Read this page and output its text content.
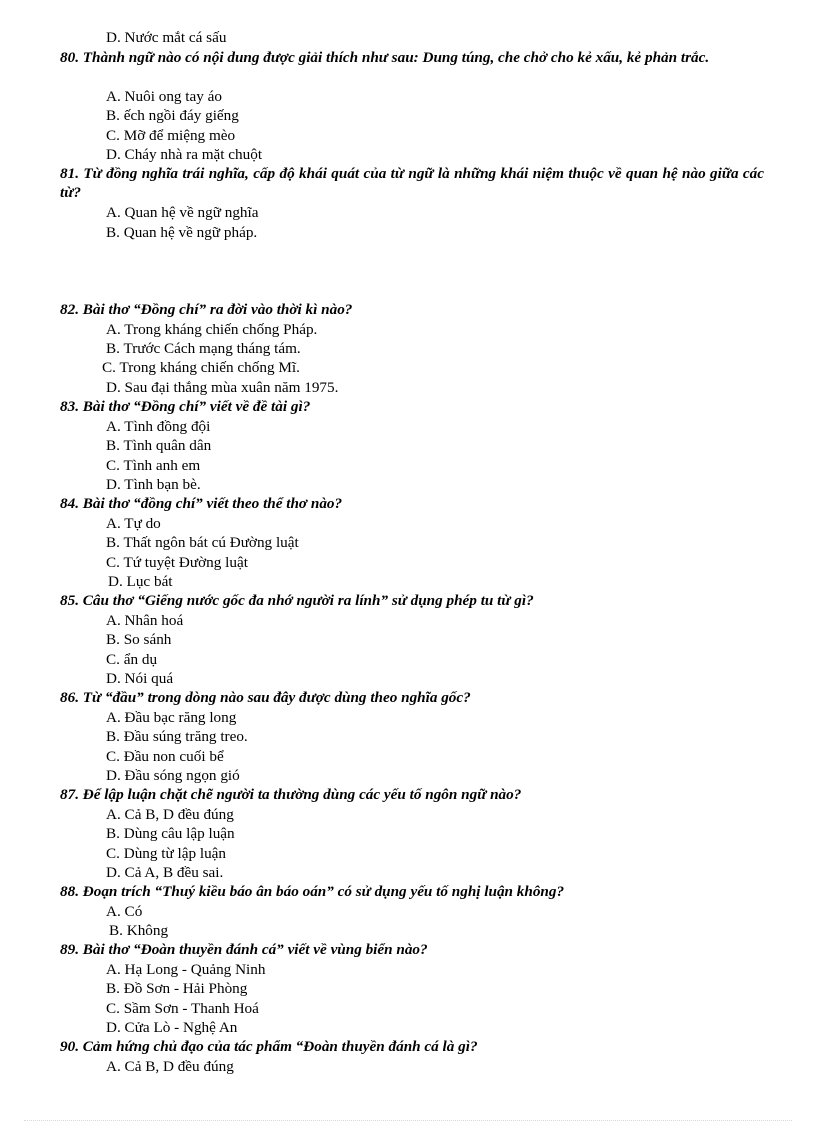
D. Nước mắt cá sấu
80. Thành ngữ nào có nội dung được giải thích như sau: Dung túng, che chở cho kẻ xấu, kẻ phản trắc.
A. Nuôi ong tay áo
B. ếch ngồi đáy giếng
C. Mỡ để miệng mèo
D. Cháy nhà ra mặt chuột
81. Từ đồng nghĩa trái nghĩa, cấp độ khái quát của từ ngữ là những khái niệm thuộc về quan hệ nào giữa các từ?
A. Quan hệ về ngữ nghĩa
B. Quan hệ về ngữ pháp.
82. Bài thơ “Đồng chí” ra đời vào thời kì nào?
A. Trong kháng chiến chống Pháp.
B. Trước Cách mạng tháng tám.
C. Trong kháng chiến chống Mĩ.
D. Sau đại thắng mùa xuân năm 1975.
83. Bài thơ “Đồng chí” viết về đề tài gì?
A. Tình đồng đội
B. Tình quân dân
C. Tình anh em
D. Tình bạn bè.
84. Bài thơ “đồng chí” viết theo thể thơ nào?
A. Tự do
B. Thất ngôn bát cú Đường luật
C. Tứ tuyệt Đường luật
D. Lục bát
85. Câu thơ “Giếng nước gốc đa nhớ người ra lính” sử dụng phép tu từ gì?
A. Nhân hoá
B. So sánh
C. ẩn dụ
D. Nói quá
86. Từ “đầu” trong dòng nào sau đây được dùng theo nghĩa gốc?
A. Đầu bạc răng long
B. Đầu súng trăng treo.
C. Đầu non cuối bể
D. Đầu sóng ngọn gió
87. Để lập luận chặt chẽ người ta thường dùng các yếu tố ngôn ngữ nào?
A. Cả B, D đều đúng
B. Dùng câu lập luận
C. Dùng từ lập luận
D. Cả A, B đều sai.
88. Đoạn trích “Thuý kiều báo ân báo oán” có sử dụng yếu tố nghị luận không?
A. Có
B. Không
89. Bài thơ “Đoàn thuyền đánh cá” viết về vùng biển nào?
A. Hạ Long - Quảng Ninh
B. Đồ Sơn - Hải Phòng
C. Sầm Sơn - Thanh Hoá
D. Cửa Lò - Nghệ An
90. Cảm hứng chủ đạo của tác phẩm “Đoàn thuyền đánh cá là gì?
A. Cả B, D đều đúng
